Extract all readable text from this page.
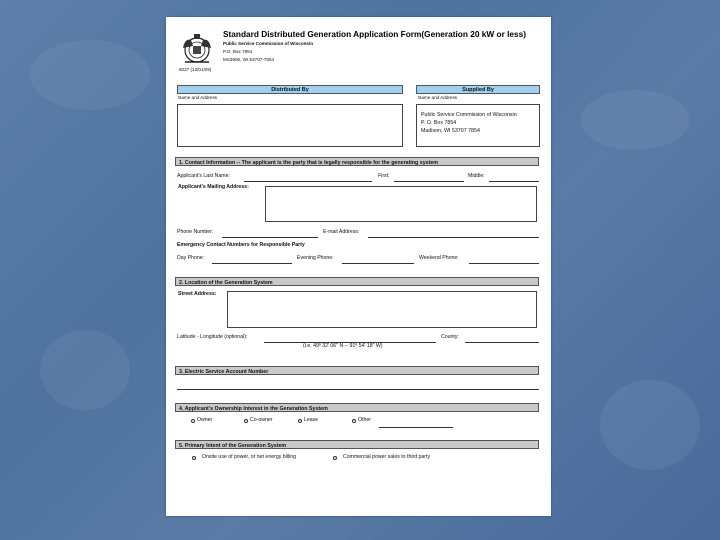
Standard Distributed Generation Application Form(Generation 20 kW or less)
Public Service Commission of Wisconsin
P.O. Box 7854
MS3606, WI 53707-7854
6027 (12/01/05)
Distributed By	Supplied By
Name and Address	Name and Address
Public Service Commission of Wisconsin
P. O. Box 7854
Madison, WI 53707 7854
1. Contact Information -- The applicant is the party that is legally responsible for the generating system
Applicant's Last Name:	First:	Middle:
Applicant's Mailing Address:
Phone Number:	E-mail Address:
Emergency Contact Numbers for Responsible Party
Day Phone:	Evening Phone:	Weekend Phone:
2. Location of the Generation System
Street Address:
Latitude - Longitude (optional):	County:
(i.e. 49º 32' 06" N -- 91º 54' 18" W)
3. Electric Service Account Number
4. Applicant's Ownership Interest in the Generation System
Owner	Co-owner	Lease	Other
5. Primary Intent of the Generation System
Onsite use of power, or net energy billing	Commercial power sales to third party
